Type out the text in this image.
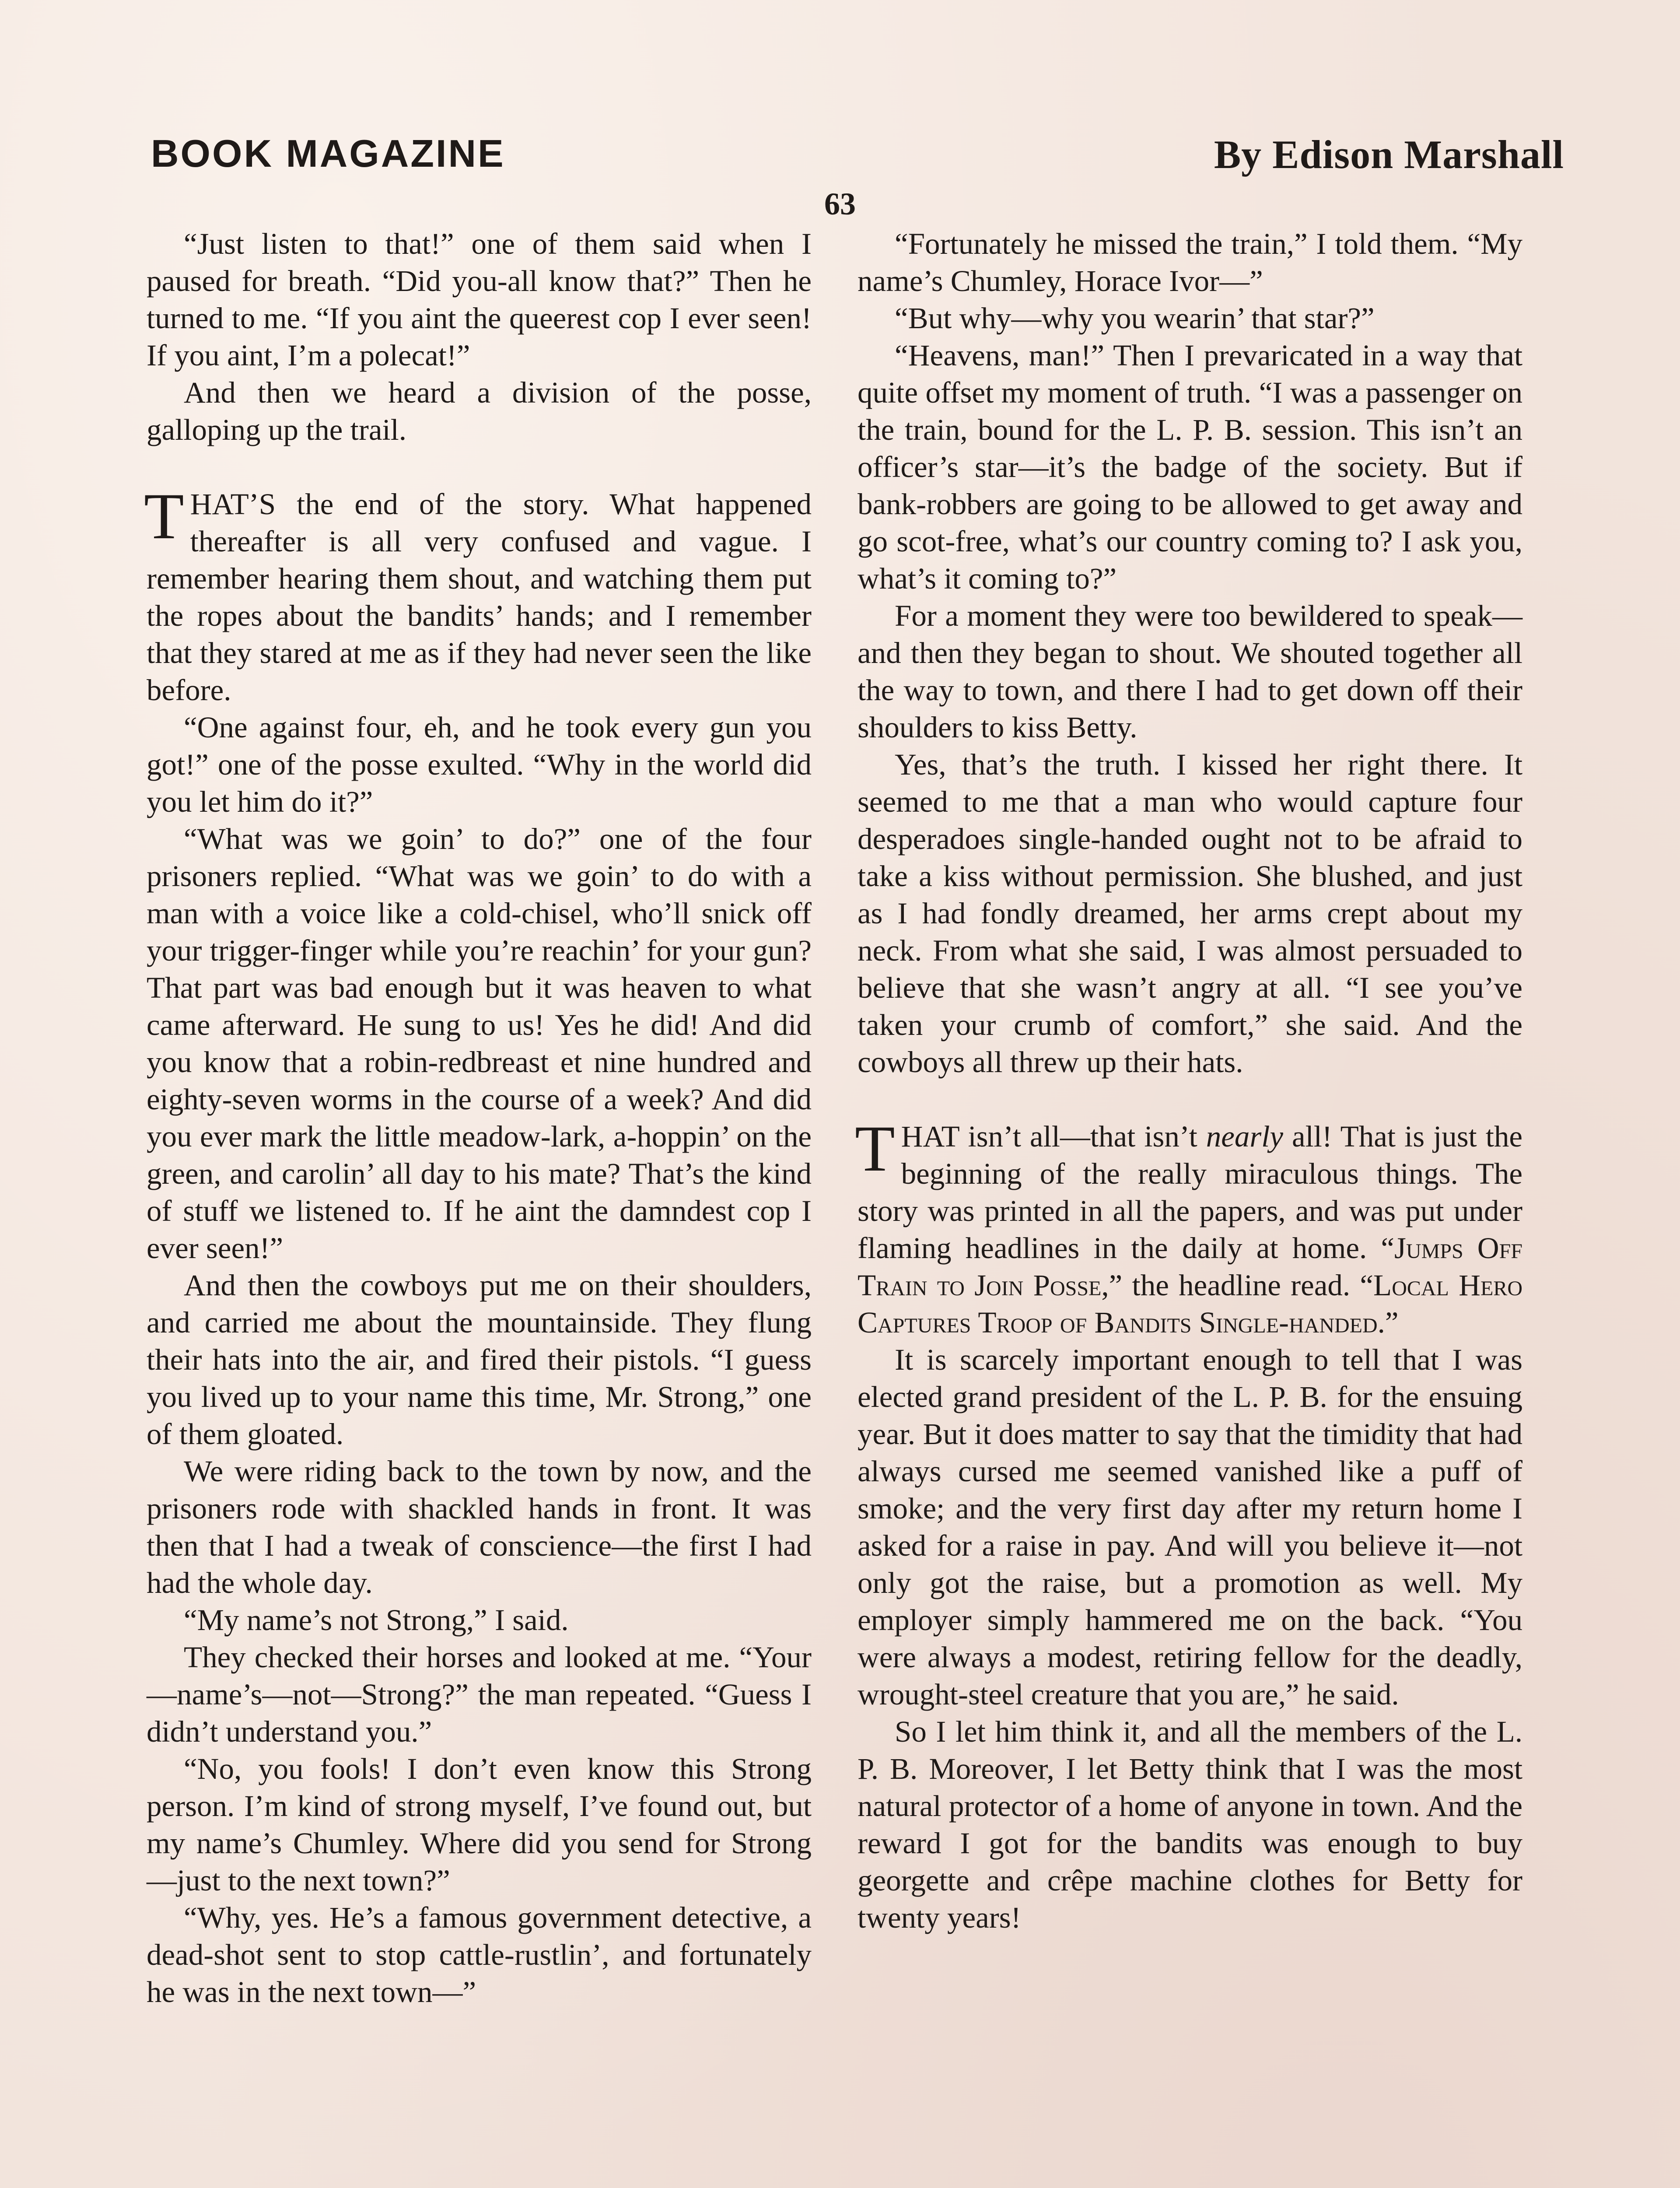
BOOK MAGAZINE	By Edison Marshall
63

“Just listen to that!” one of them said when I paused for breath. “Did you-all know that?” Then he turned to me. “If you aint the queerest cop I ever seen! If you aint, I’m a polecat!”

And then we heard a division of the posse, galloping up the trail.

THAT’S the end of the story. What happened thereafter is all very confused and vague. I remember hearing them shout, and watching them put the ropes about the bandits’ hands; and I remember that they stared at me as if they had never seen the like before.

“One against four, eh, and he took every gun you got!” one of the posse exulted. “Why in the world did you let him do it?”

“What was we goin’ to do?” one of the four prisoners replied. “What was we goin’ to do with a man with a voice like a cold-chisel, who’ll snick off your trigger-finger while you’re reachin’ for your gun? That part was bad enough but it was heaven to what came afterward. He sung to us! Yes he did! And did you know that a robin-redbreast et nine hundred and eighty-seven worms in the course of a week? And did you ever mark the little meadow-lark, a-hoppin’ on the green, and carolin’ all day to his mate? That’s the kind of stuff we listened to. If he aint the damndest cop I ever seen!”

And then the cowboys put me on their shoulders, and carried me about the mountainside. They flung their hats into the air, and fired their pistols. “I guess you lived up to your name this time, Mr. Strong,” one of them gloated.

We were riding back to the town by now, and the prisoners rode with shackled hands in front. It was then that I had a tweak of conscience—the first I had had the whole day.

“My name’s not Strong,” I said.

They checked their horses and looked at me. “Your—name’s—not—Strong?” the man repeated. “Guess I didn’t understand you.”

“No, you fools! I don’t even know this Strong person. I’m kind of strong myself, I’ve found out, but my name’s Chumley. Where did you send for Strong—just to the next town?”

“Why, yes. He’s a famous government detective, a dead-shot sent to stop cattle-rustlin’, and fortunately he was in the next town—”

“Fortunately he missed the train,” I told them. “My name’s Chumley, Horace Ivor—”

“But why—why you wearin’ that star?”

“Heavens, man!” Then I prevaricated in a way that quite offset my moment of truth. “I was a passenger on the train, bound for the L. P. B. session. This isn’t an officer’s star—it’s the badge of the society. But if bank-robbers are going to be allowed to get away and go scot-free, what’s our country coming to? I ask you, what’s it coming to?”

For a moment they were too bewildered to speak—and then they began to shout. We shouted together all the way to town, and there I had to get down off their shoulders to kiss Betty.

Yes, that’s the truth. I kissed her right there. It seemed to me that a man who would capture four desperadoes single-handed ought not to be afraid to take a kiss without permission. She blushed, and just as I had fondly dreamed, her arms crept about my neck. From what she said, I was almost persuaded to believe that she wasn’t angry at all. “I see you’ve taken your crumb of comfort,” she said. And the cowboys all threw up their hats.

THAT isn’t all—that isn’t nearly all! That is just the beginning of the really miraculous things. The story was printed in all the papers, and was put under flaming headlines in the daily at home. “Jumps Off Train to Join Posse,” the headline read. “Local Hero Captures Troop of Bandits Single-handed.”

It is scarcely important enough to tell that I was elected grand president of the L. P. B. for the ensuing year. But it does matter to say that the timidity that had always cursed me seemed vanished like a puff of smoke; and the very first day after my return home I asked for a raise in pay. And will you believe it—not only got the raise, but a promotion as well. My employer simply hammered me on the back. “You were always a modest, retiring fellow for the deadly, wrought-steel creature that you are,” he said.

So I let him think it, and all the members of the L. P. B. Moreover, I let Betty think that I was the most natural protector of a home of anyone in town. And the reward I got for the bandits was enough to buy georgette and crêpe machine clothes for Betty for twenty years!
